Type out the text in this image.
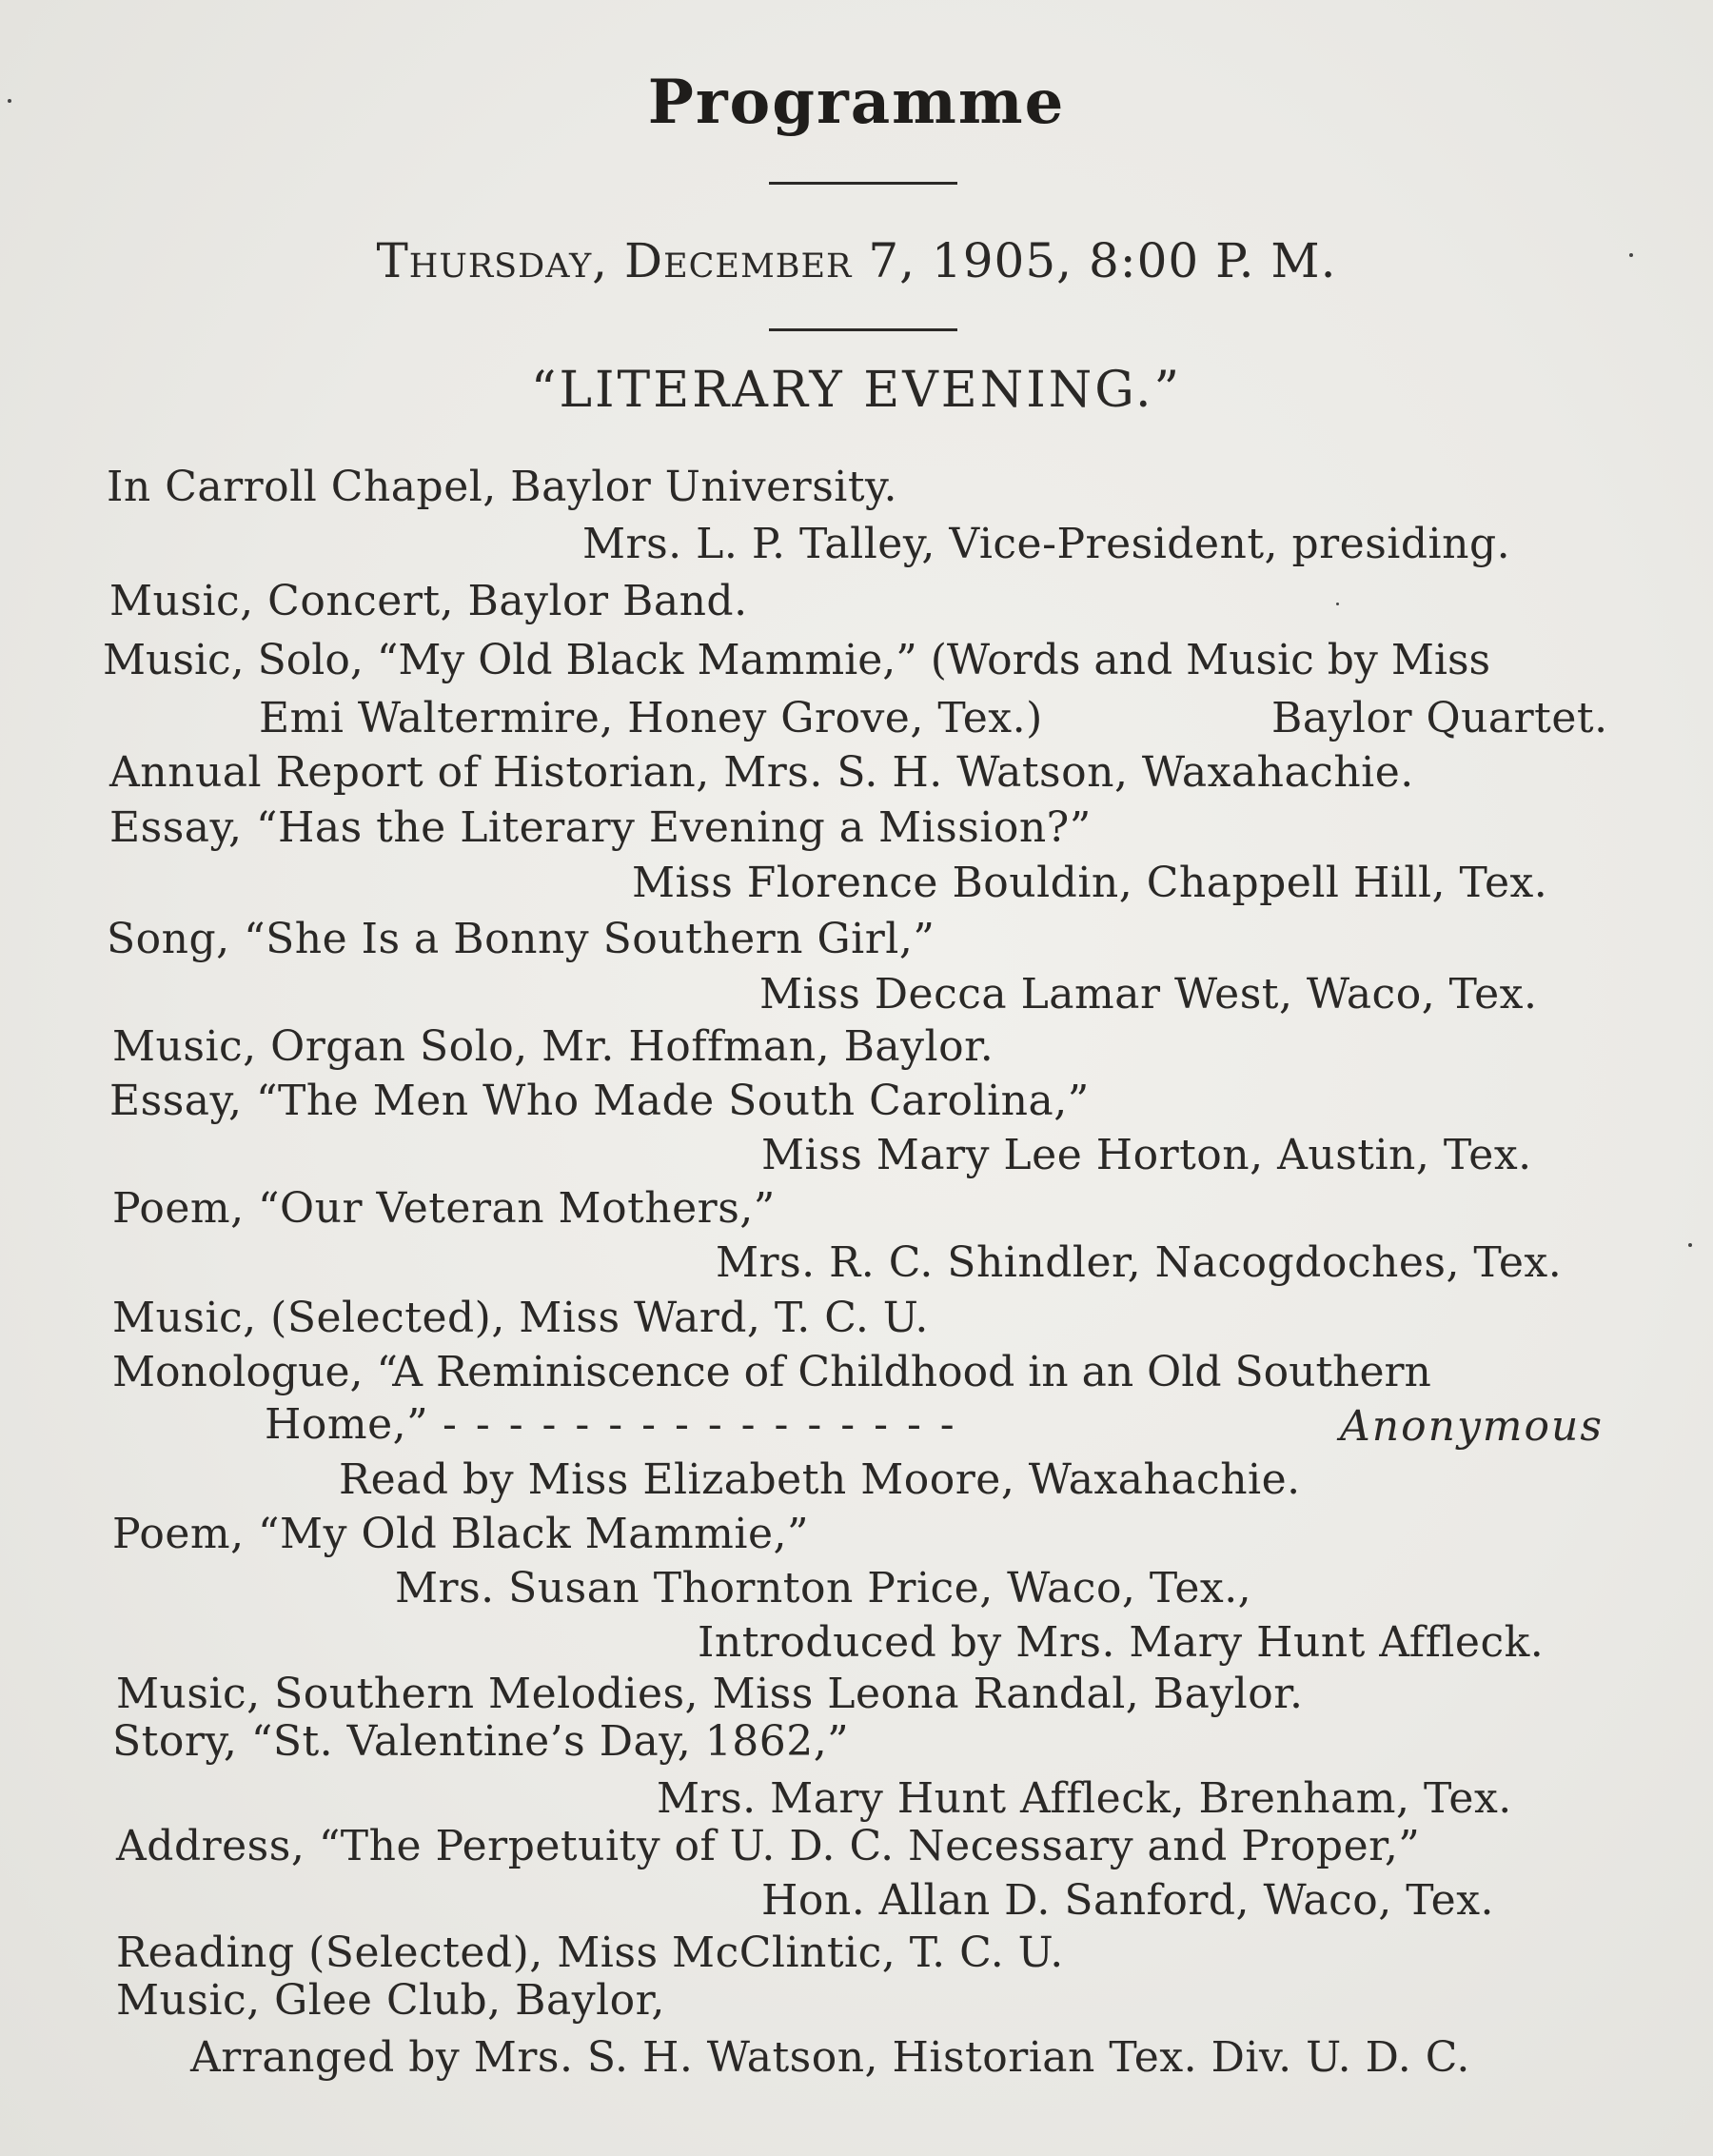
Programme
Thursday, December 7, 1905, 8:00 P. M.
“LITERARY EVENING.”
In Carroll Chapel, Baylor University.
Mrs. L. P. Talley, Vice-President, presiding.
Music, Concert, Baylor Band.
Music, Solo, “My Old Black Mammie,” (Words and Music by Miss
Emi Waltermire, Honey Grove, Tex.)	Baylor Quartet.
Annual Report of Historian, Mrs. S. H. Watson, Waxahachie.
Essay, “Has the Literary Evening a Mission?”
Miss Florence Bouldin, Chappell Hill, Tex.
Song, “She Is a Bonny Southern Girl,”
Miss Decca Lamar West, Waco, Tex.
Music, Organ Solo, Mr. Hoffman, Baylor.
Essay, “The Men Who Made South Carolina,”
Miss Mary Lee Horton, Austin, Tex.
Poem, “Our Veteran Mothers,”
Mrs. R. C. Shindler, Nacogdoches, Tex.
Music, (Selected), Miss Ward, T. C. U.
Monologue, “A Reminiscence of Childhood in an Old Southern
Home,” - - - - - - - - - - - - - - - -	Anonymous
Read by Miss Elizabeth Moore, Waxahachie.
Poem, “My Old Black Mammie,”
Mrs. Susan Thornton Price, Waco, Tex.,
Introduced by Mrs. Mary Hunt Affleck.
Music, Southern Melodies, Miss Leona Randal, Baylor.
Story, “St. Valentine’s Day, 1862,”
Mrs. Mary Hunt Affleck, Brenham, Tex.
Address, “The Perpetuity of U. D. C. Necessary and Proper,”
Hon. Allan D. Sanford, Waco, Tex.
Reading (Selected), Miss McClintic, T. C. U.
Music, Glee Club, Baylor,
Arranged by Mrs. S. H. Watson, Historian Tex. Div. U. D. C.
